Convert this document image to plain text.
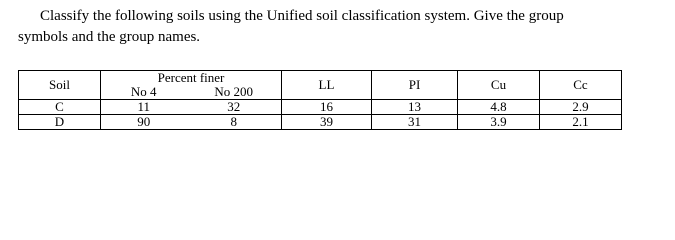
Classify the following soils using the Unified soil classification system. Give the group
symbols and the group names.
Soil	Percent finer		LL	PI	Cu	Cc
	No 4	No 200				
C	11	32	16	13	4.8	2.9
D	90	8	39	31	3.9	2.1
